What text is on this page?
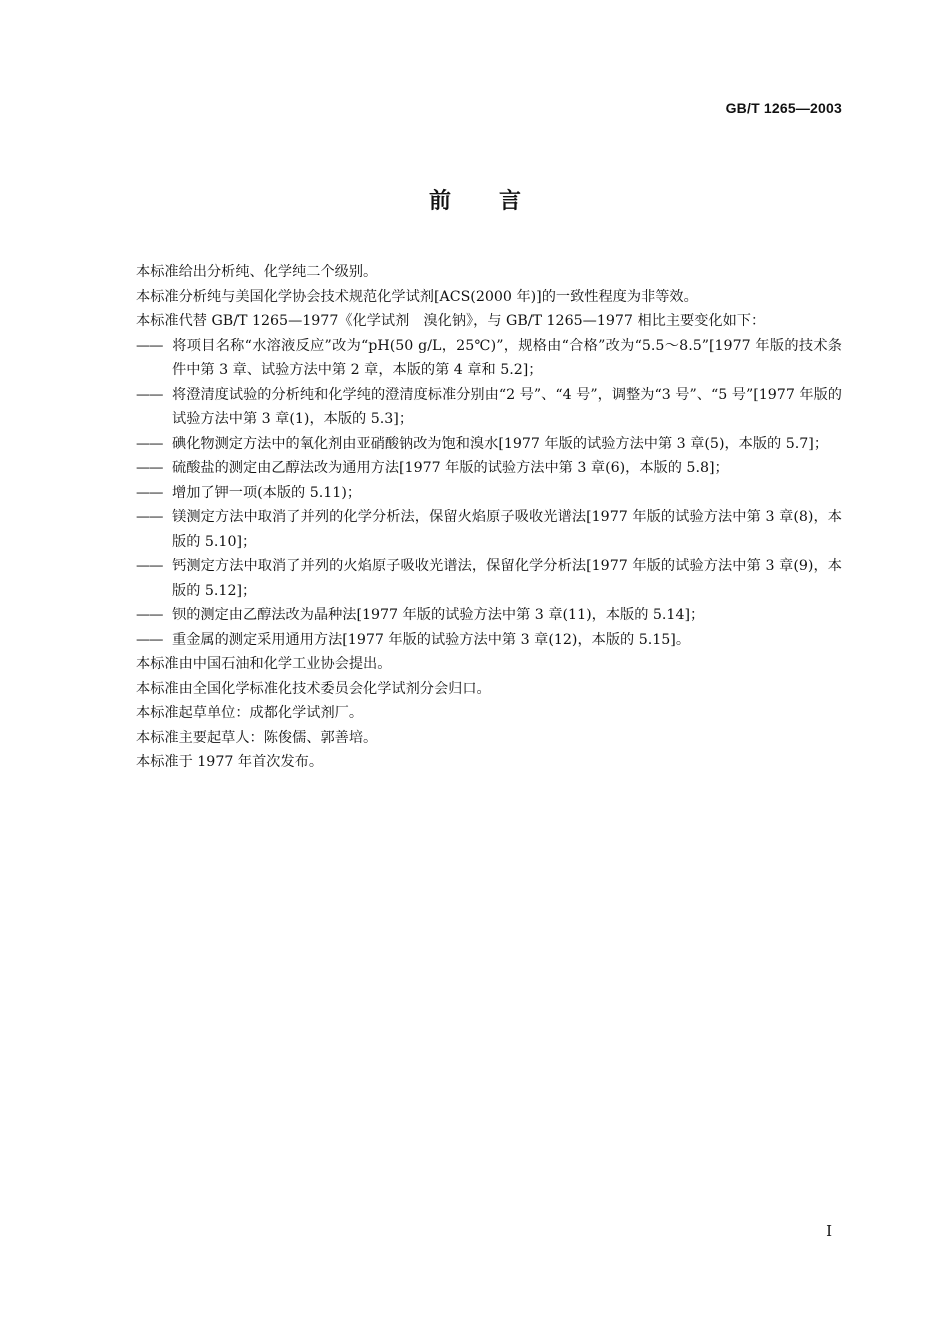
GB/T 1265—2003
前言

本标准给出分析纯、化学纯二个级别。

本标准分析纯与美国化学协会技术规范化学试剂[ACS(2000 年)]的一致性程度为非等效。

本标准代替 GB/T 1265—1977《化学试剂　溴化钠》，与 GB/T 1265—1977 相比主要变化如下：

—— 将项目名称“水溶液反应”改为“pH(50 g/L，25℃)”，规格由“合格”改为“5.5～8.5”[1977 年版的技术条件中第 3 章、试验方法中第 2 章，本版的第 4 章和 5.2]；

—— 将澄清度试验的分析纯和化学纯的澄清度标准分别由“2 号”、“4 号”，调整为“3 号”、“5 号”[1977 年版的试验方法中第 3 章(1)，本版的 5.3]；

—— 碘化物测定方法中的氧化剂由亚硝酸钠改为饱和溴水[1977 年版的试验方法中第 3 章(5)，本版的 5.7]；

—— 硫酸盐的测定由乙醇法改为通用方法[1977 年版的试验方法中第 3 章(6)，本版的 5.8]；

—— 增加了钾一项(本版的 5.11)；

—— 镁测定方法中取消了并列的化学分析法，保留火焰原子吸收光谱法[1977 年版的试验方法中第 3 章(8)，本版的 5.10]；

—— 钙测定方法中取消了并列的火焰原子吸收光谱法，保留化学分析法[1977 年版的试验方法中第 3 章(9)，本版的 5.12]；

—— 钡的测定由乙醇法改为晶种法[1977 年版的试验方法中第 3 章(11)，本版的 5.14]；

—— 重金属的测定采用通用方法[1977 年版的试验方法中第 3 章(12)，本版的 5.15]。

本标准由中国石油和化学工业协会提出。

本标准由全国化学标准化技术委员会化学试剂分会归口。

本标准起草单位：成都化学试剂厂。

本标准主要起草人：陈俊儒、郭善培。

本标准于 1977 年首次发布。

I
